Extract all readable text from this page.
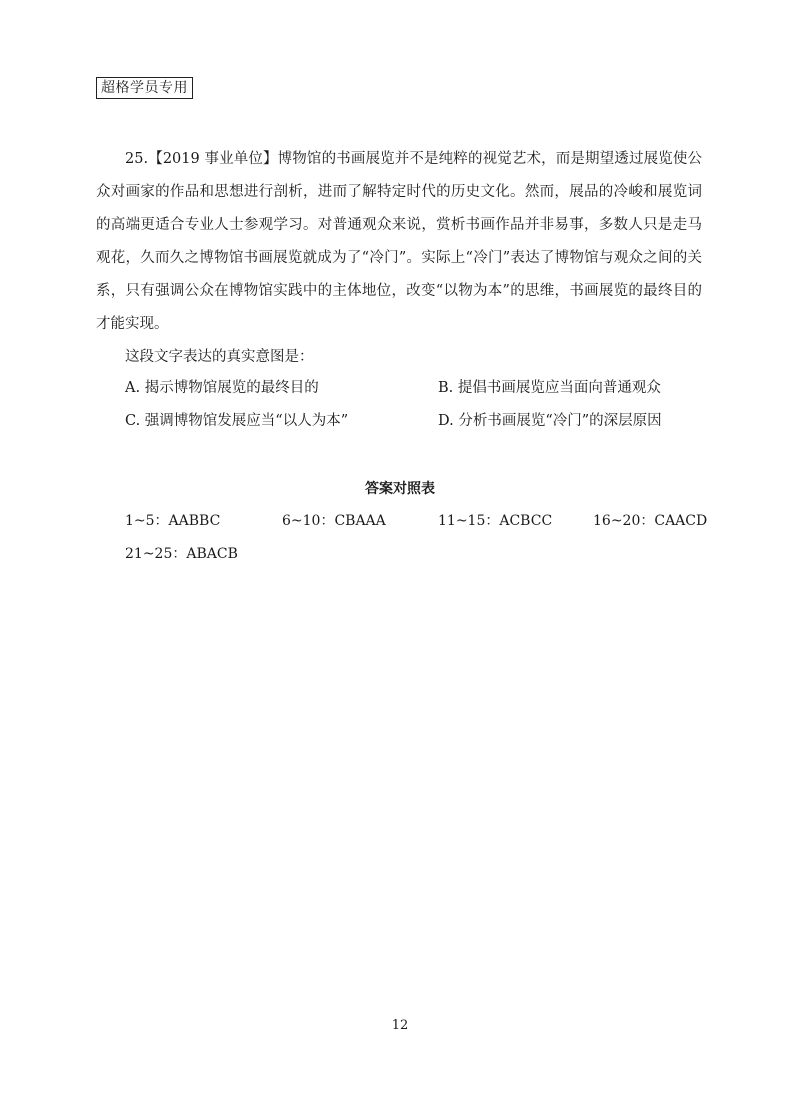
超格学员专用

25.【2019 事业单位】博物馆的书画展览并不是纯粹的视觉艺术，而是期望透过展览使公众对画家的作品和思想进行剖析，进而了解特定时代的历史文化。然而，展品的冷峻和展览词的高端更适合专业人士参观学习。对普通观众来说，赏析书画作品并非易事，多数人只是走马观花，久而久之博物馆书画展览就成为了“冷门”。实际上“冷门”表达了博物馆与观众之间的关系，只有强调公众在博物馆实践中的主体地位，改变“以物为本”的思维，书画展览的最终目的才能实现。

这段文字表达的真实意图是：
A. 揭示博物馆展览的最终目的	B. 提倡书画展览应当面向普通观众
C. 强调博物馆发展应当“以人为本”	D. 分析书画展览“冷门”的深层原因
答案对照表
1~5：AABBC	6~10：CBAAA	11~15：ACBCC	16~20：CAACD
21~25：ABACB
12
